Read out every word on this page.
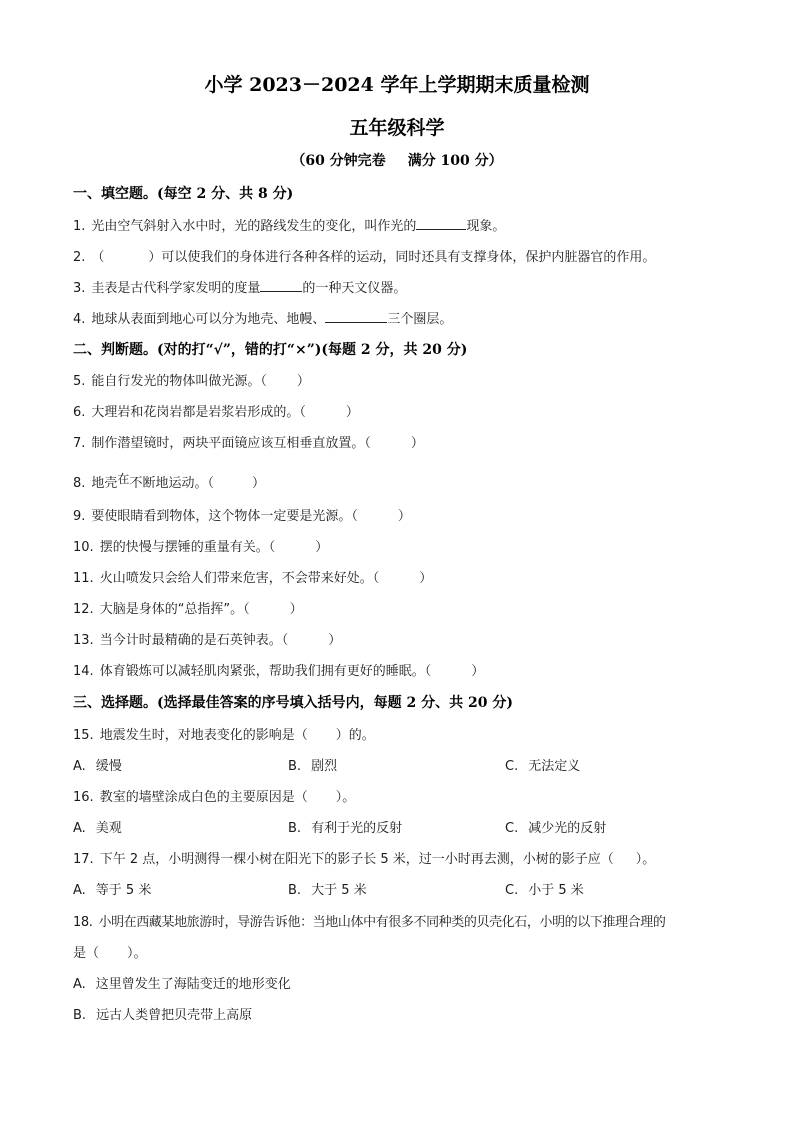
小学 2023－2024 学年上学期期末质量检测
五年级科学
（60 分钟完卷 满分 100 分）
一、填空题。(每空 2 分、共 8 分)
1. 光由空气斜射入水中时，光的路线发生的变化，叫作光的	现象。
2. （	）可以使我们的身体进行各种各样的运动，同时还具有支撑身体，保护内脏器官的作用。
3. 圭表是古代科学家发明的度量	的一种天文仪器。
4. 地球从表面到地心可以分为地壳、地幔、	三个圈层。
二、判断题。(对的打“√”，错的打“×”)(每题 2 分，共 20 分)
5. 能自行发光的物体叫做光源。（ ）
6. 大理岩和花岗岩都是岩浆岩形成的。（	）
7. 制作潜望镜时，两块平面镜应该互相垂直放置。（	）
8. 地壳在不断地运动。（	）
9. 要使眼睛看到物体，这个物体一定要是光源。（	）
10. 摆的快慢与摆锤的重量有关。（	）
11. 火山喷发只会给人们带来危害，不会带来好处。（	）
12. 大脑是身体的“总指挥”。（	）
13. 当今计时最精确的是石英钟表。（	）
14. 体育锻炼可以减轻肌肉紧张，帮助我们拥有更好的睡眠。（	）
三、选择题。(选择最佳答案的序号填入括号内，每题 2 分、共 20 分)
15. 地震发生时，对地表变化的影响是（ ）的。
A. 缓慢	B. 剧烈	C. 无法定义
16. 教室的墙壁涂成白色的主要原因是（ ）。
A. 美观	B. 有利于光的反射	C. 减少光的反射
17. 下午 2 点，小明测得一棵小树在阳光下的影子长 5 米，过一小时再去测，小树的影子应（ ）。
A. 等于 5 米	B. 大于 5 米	C. 小于 5 米
18. 小明在西藏某地旅游时，导游告诉他：当地山体中有很多不同种类的贝壳化石，小明的以下推理合理的
是（ ）。
A. 这里曾发生了海陆变迁的地形变化
B. 远古人类曾把贝壳带上高原
